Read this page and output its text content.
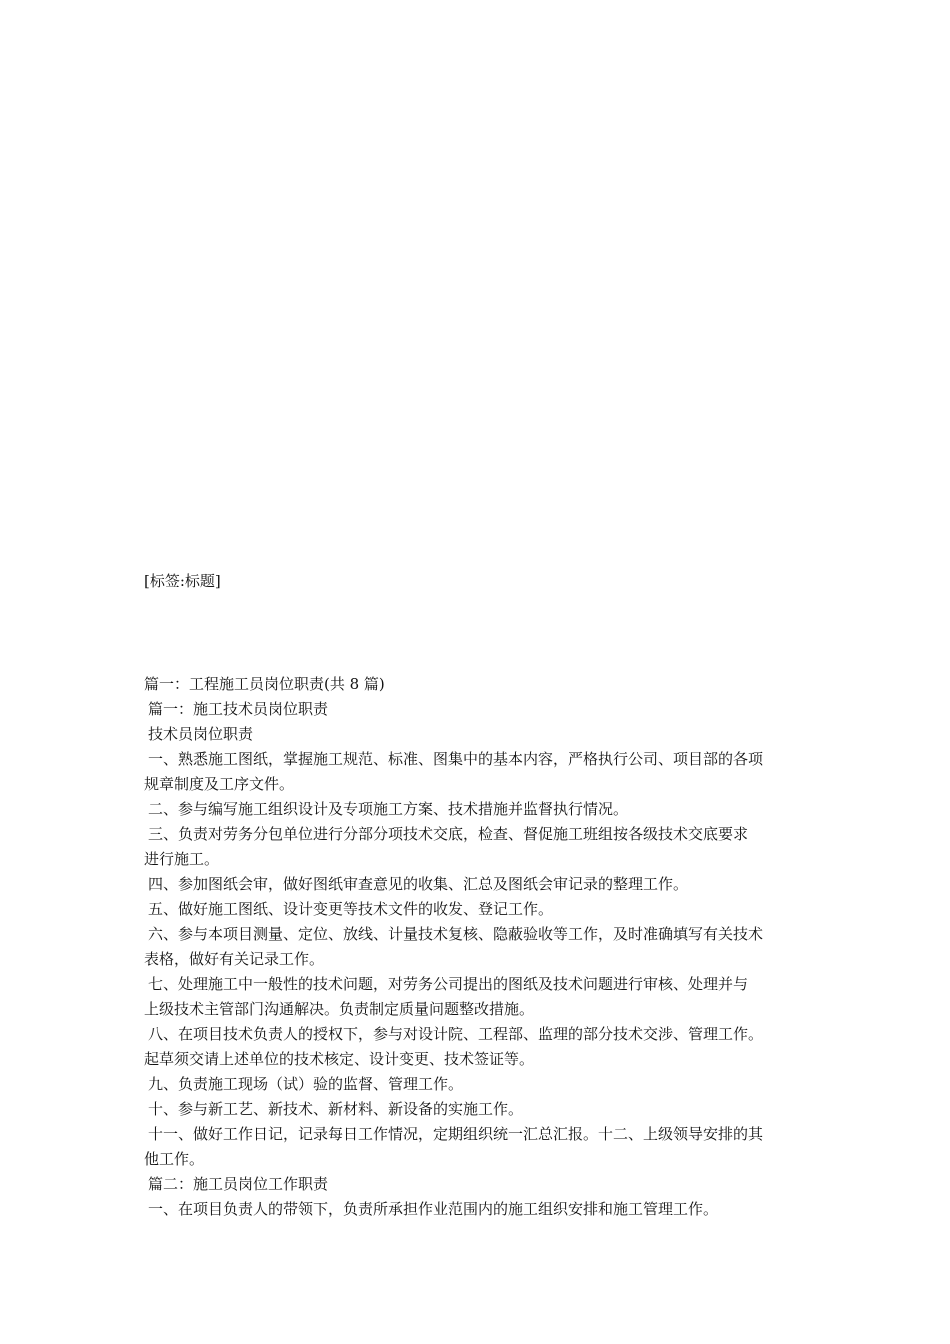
[标签:标题]
篇一：工程施工员岗位职责(共 8 篇)
篇一：施工技术员岗位职责
技术员岗位职责
一、熟悉施工图纸，掌握施工规范、标准、图集中的基本内容，严格执行公司、项目部的各项
规章制度及工序文件。
二、参与编写施工组织设计及专项施工方案、技术措施并监督执行情况。
三、负责对劳务分包单位进行分部分项技术交底，检查、督促施工班组按各级技术交底要求
进行施工。
四、参加图纸会审，做好图纸审查意见的收集、汇总及图纸会审记录的整理工作。
五、做好施工图纸、设计变更等技术文件的收发、登记工作。
六、参与本项目测量、定位、放线、计量技术复核、隐蔽验收等工作，及时准确填写有关技术
表格，做好有关记录工作。
七、处理施工中一般性的技术问题，对劳务公司提出的图纸及技术问题进行审核、处理并与
上级技术主管部门沟通解决。负责制定质量问题整改措施。
八、在项目技术负责人的授权下，参与对设计院、工程部、监理的部分技术交涉、管理工作。
起草须交请上述单位的技术核定、设计变更、技术签证等。
九、负责施工现场（试）验的监督、管理工作。
十、参与新工艺、新技术、新材料、新设备的实施工作。
十一、做好工作日记，记录每日工作情况，定期组织统一汇总汇报。十二、上级领导安排的其
他工作。
篇二：施工员岗位工作职责
一、在项目负责人的带领下，负责所承担作业范围内的施工组织安排和施工管理工作。
